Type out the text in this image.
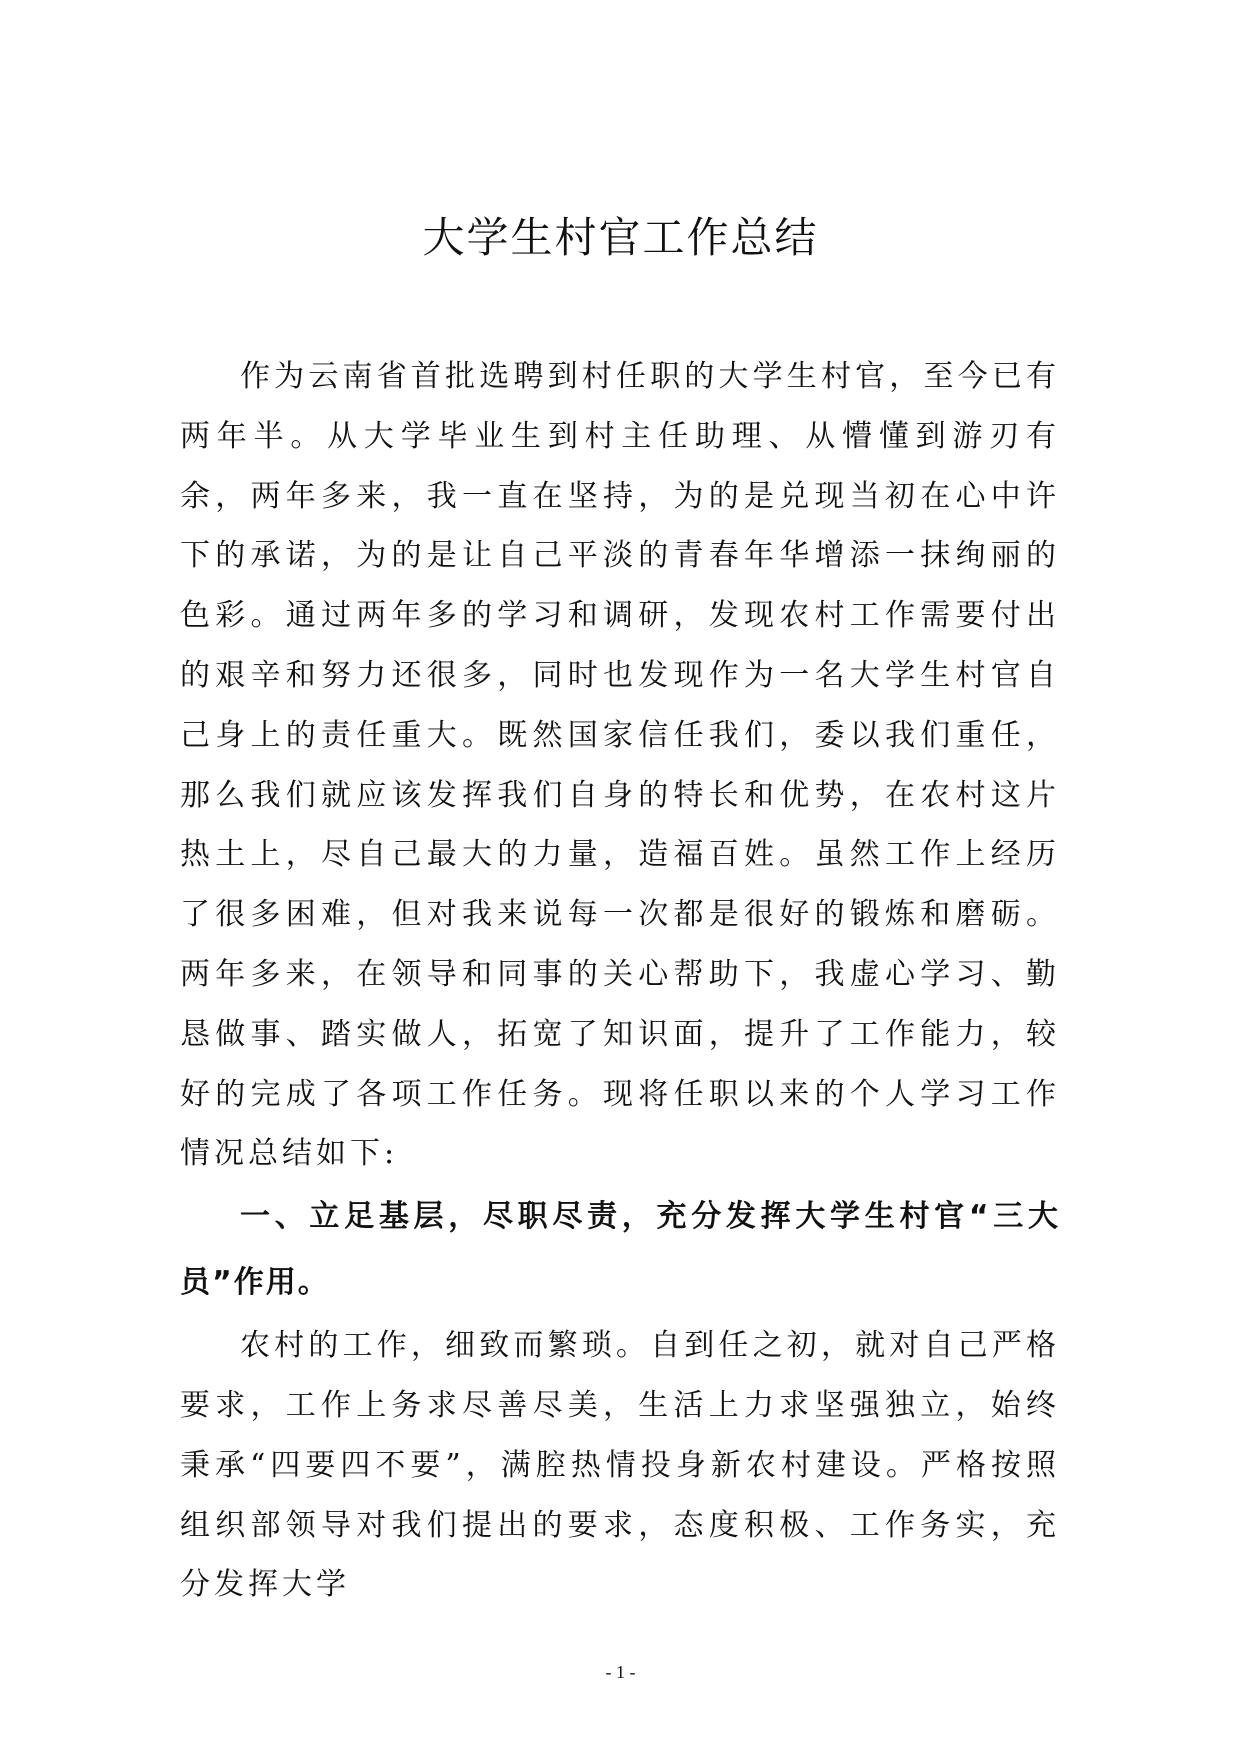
大学生村官工作总结

作为云南省首批选聘到村任职的大学生村官，至今已有两年半。从大学毕业生到村主任助理、从懵懂到游刃有余，两年多来，我一直在坚持，为的是兑现当初在心中许下的承诺，为的是让自己平淡的青春年华增添一抹绚丽的色彩。通过两年多的学习和调研，发现农村工作需要付出的艰辛和努力还很多，同时也发现作为一名大学生村官自己身上的责任重大。既然国家信任我们，委以我们重任，那么我们就应该发挥我们自身的特长和优势，在农村这片热土上，尽自己最大的力量，造福百姓。虽然工作上经历了很多困难，但对我来说每一次都是很好的锻炼和磨砺。两年多来，在领导和同事的关心帮助下，我虚心学习、勤恳做事、踏实做人，拓宽了知识面，提升了工作能力，较好的完成了各项工作任务。现将任职以来的个人学习工作情况总结如下:

一、立足基层，尽职尽责，充分发挥大学生村官“三大员”作用。

农村的工作，细致而繁琐。自到任之初，就对自己严格要求，工作上务求尽善尽美，生活上力求坚强独立，始终秉承“四要四不要”，满腔热情投身新农村建设。严格按照组织部领导对我们提出的要求，态度积极、工作务实，充分发挥大学

- 1 -
